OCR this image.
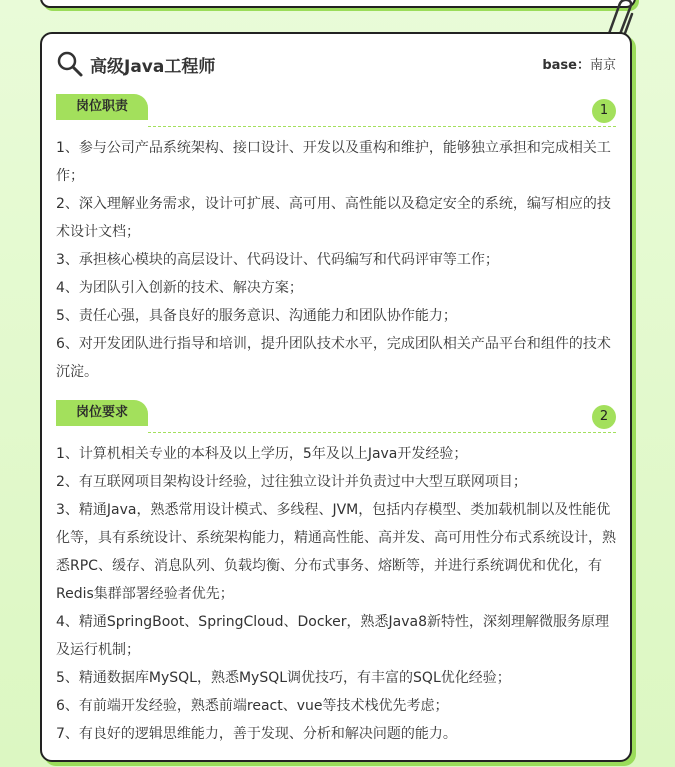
高级Java工程师	base：南京
岗位职责	1

1、参与公司产品系统架构、接口设计、开发以及重构和维护，能够独立承担和完成相关工作；

2、深入理解业务需求，设计可扩展、高可用、高性能以及稳定安全的系统，编写相应的技术设计文档；

3、承担核心模块的高层设计、代码设计、代码编写和代码评审等工作；

4、为团队引入创新的技术、解决方案；

5、责任心强，具备良好的服务意识、沟通能力和团队协作能力；

6、对开发团队进行指导和培训，提升团队技术水平，完成团队相关产品平台和组件的技术沉淀。

岗位要求	2

1、计算机相关专业的本科及以上学历，5年及以上Java开发经验；

2、有互联网项目架构设计经验，过往独立设计并负责过中大型互联网项目；

3、精通Java，熟悉常用设计模式、多线程、JVM，包括内存模型、类加载机制以及性能优化等，具有系统设计、系统架构能力，精通高性能、高并发、高可用性分布式系统设计，熟悉RPC、缓存、消息队列、负载均衡、分布式事务、熔断等，并进行系统调优和优化，有Redis集群部署经验者优先；

4、精通SpringBoot、SpringCloud、Docker，熟悉Java8新特性，深刻理解微服务原理及运行机制；

5、精通数据库MySQL，熟悉MySQL调优技巧，有丰富的SQL优化经验；

6、有前端开发经验，熟悉前端react、vue等技术栈优先考虑；

7、有良好的逻辑思维能力，善于发现、分析和解决问题的能力。
